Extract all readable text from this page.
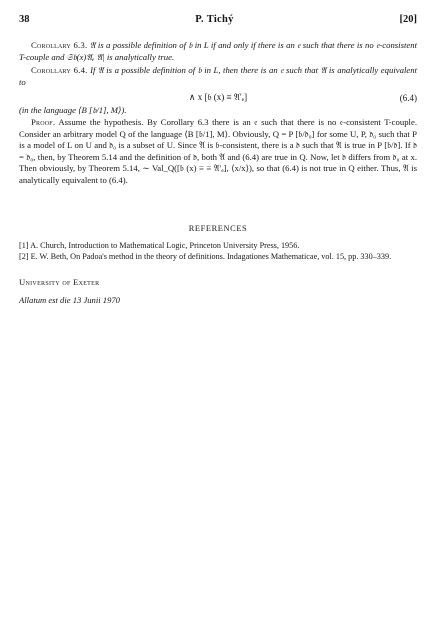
38	P. Tichý	[20]

Corollary 6.3. 𝔄 is a possible definition of 𝔟 in L if and only if there is an 𝔢 such that there is no 𝔢-consistent T-couple and 𝔖𝔟(x)𝔄ₑ 𝔄| is analytically true.

Corollary 6.4. If 𝔄 is a possible definition of 𝔟 in L, then there is an 𝔢 such that 𝔄 is analytically equivalent to

∧ x [𝔟 (x) ≡ 𝔄′ₑ]	(6.4)
(in the language ⟨B [𝔟/1], M⟩).

Proof. Assume the hypothesis. By Corollary 6.3 there is an 𝔢 such that there is no 𝔢-consistent T-couple. Consider an arbitrary model Q of the language ⟨B [𝔟/1], M⟩. Obviously, Q = P [𝔟/𝔡₀] for some U, P, 𝔡₀ such that P is a model of L on U and 𝔡₀ is a subset of U. Since 𝔄 is 𝔟-consistent, there is a 𝔡 such that 𝔄 is true in P [𝔟/𝔡]. If 𝔡 = 𝔡₀, then, by Theorem 5.14 and the definition of 𝔡, both 𝔄 and (6.4) are true in Q. Now, let 𝔡 differs from 𝔡₀ at x. Then obviously, by Theorem 5.14, ∼ Val_Q([𝔟 (x) ≡ ≡ 𝔄′ₑ], ⟨x/x⟩), so that (6.4) is not true in Q either. Thus, 𝔄 is analytically equivalent to (6.4).

REFERENCES

[1] A. Church, Introduction to Mathematical Logic, Princeton University Press, 1956.

[2] E. W. Beth, On Padoa's method in the theory of definitions. Indagationes Mathematicae, vol. 15, pp. 330–339.

University of Exeter
Allatum est die 13 Junii 1970
